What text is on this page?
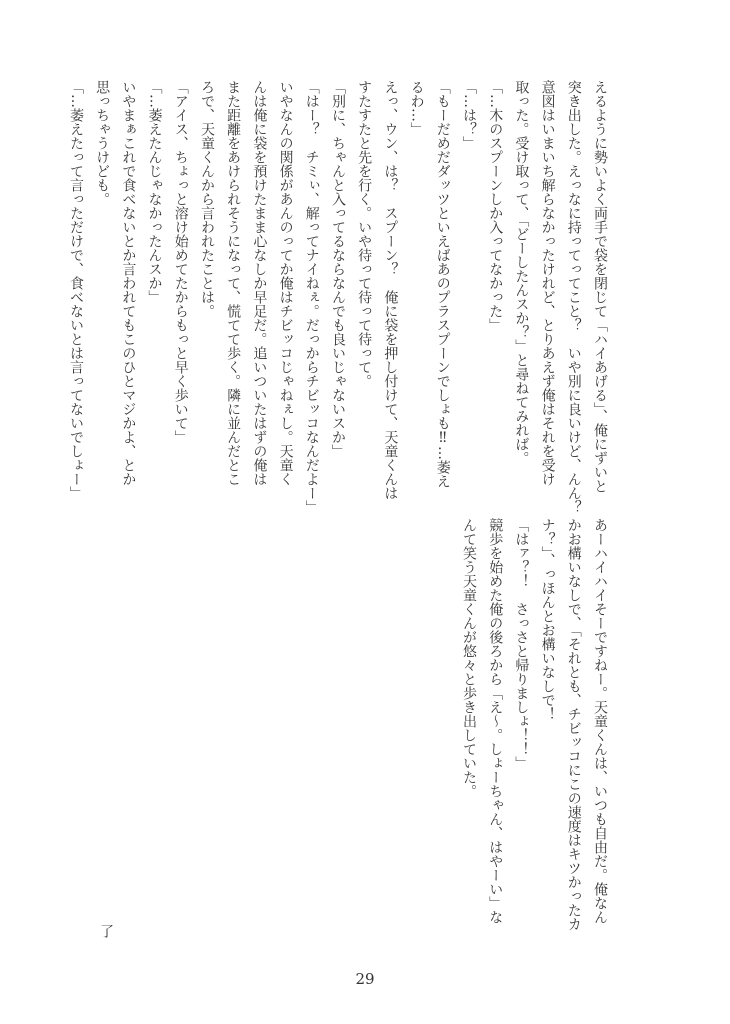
えるように勢いよく両手で袋を閉じて「ハイあげる」、俺にずいと
突き出した。えっなに持ってってこと？　いや別に良いけど、んん？
意図はいまいち解らなかったけれど、とりあえず俺はそれを受け
取った。受け取って、「どーしたんスか？」と尋ねてみれば。
「…木のスプーンしか入ってなかった」
「…は？」
「もーだめだダッツといえばあのプラスプーンでしょも‼…萎え
るわ…」
えっ、ウン、は？　スプーン？　俺に袋を押し付けて、天童くんは
すたすたと先を行く。いや待って待って待って。
「別に、ちゃんと入ってるならなんでも良いじゃないスか」
「はー？　チミぃ、解ってナイねぇ。だっからチビッコなんだよー」
いやなんの関係があんのってか俺はチビッコじゃねぇし。天童く
んは俺に袋を預けたまま心なしか早足だ。追いついたはずの俺は
また距離をあけられそうになって、慌てて歩く。隣に並んだとこ
ろで、天童くんから言われたことは。
「アイス、ちょっと溶け始めてたからもっと早く歩いて」
「…萎えたんじゃなかったんスか」
いやまぁこれで食べないとか言われてもこのひとマジかよ、とか
思っちゃうけども。
「…萎えたって言っただけで、食べないとは言ってないでしょー」
あーハイハイそーですねー。天童くんは、いつも自由だ。俺なん
かお構いなしで、「それとも、チビッコにこの速度はキツかったカ
ナ？」、っほんとお構いなしで！
「はァ？！　さっさと帰りましょ！！」
競歩を始めた俺の後ろから「え〜。しょーちゃん、はやーい」な
んて笑う天童くんが悠々と歩き出していた。
了
29
